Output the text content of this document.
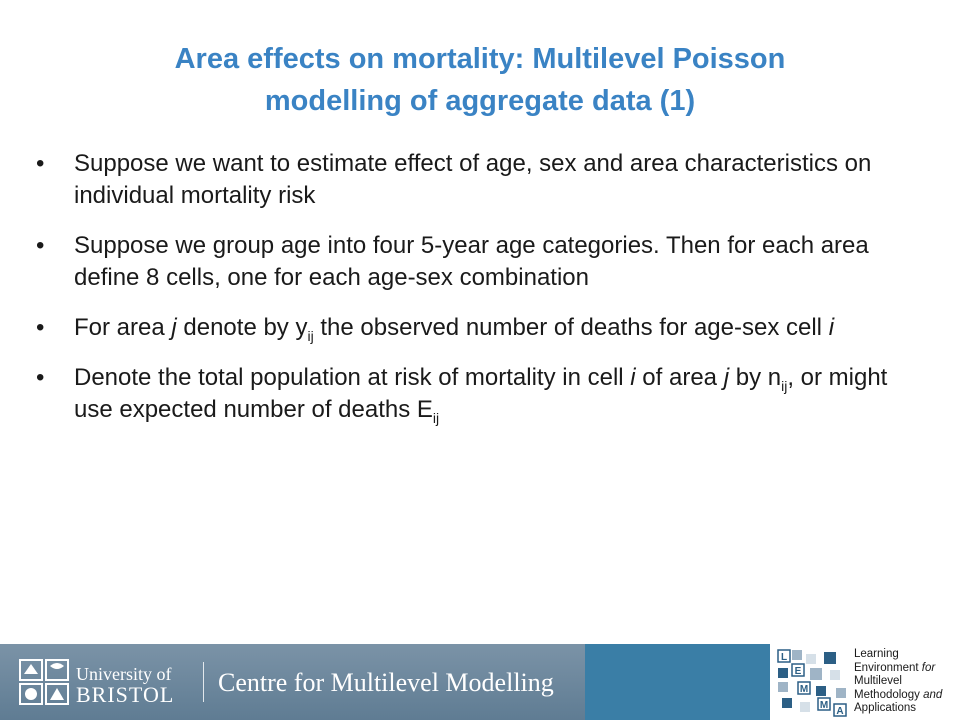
Area effects on mortality: Multilevel Poisson
modelling of aggregate data (1)
• Suppose we want to estimate effect of age, sex and area characteristics on individual mortality risk
• Suppose we group age into four 5-year age categories. Then for each area define 8 cells, one for each age-sex combination
• For area j denote by $y_{ij}$ the observed number of deaths for age-sex cell i
• Denote the total population at risk of mortality in cell i of area j by $n_{ij}$, or might use expected number of deaths $E_{ij}$
University of
BRISTOL Centre for Multilevel Modelling
L
E
M
M
A
Learning
Environment for
Multilevel
Methodology and
Applications
